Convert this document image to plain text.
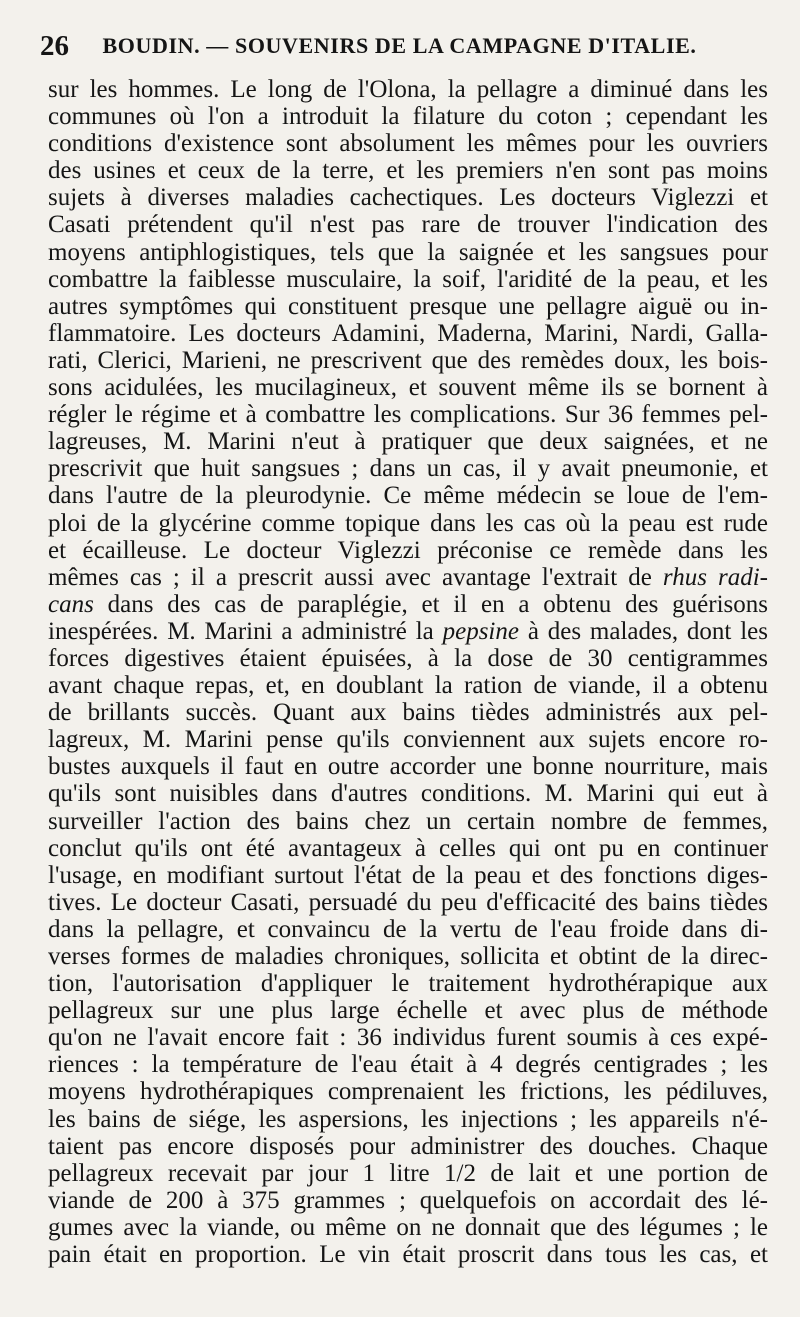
26 BOUDIN. — SOUVENIRS DE LA CAMPAGNE D'ITALIE.
sur les hommes. Le long de l'Olona, la pellagre a diminué dans les
communes où l'on a introduit la filature du coton ; cependant les
conditions d'existence sont absolument les mêmes pour les ouvriers
des usines et ceux de la terre, et les premiers n'en sont pas moins
sujets à diverses maladies cachectiques. Les docteurs Viglezzi et
Casati prétendent qu'il n'est pas rare de trouver l'indication des
moyens antiphlogistiques, tels que la saignée et les sangsues pour
combattre la faiblesse musculaire, la soif, l'aridité de la peau, et les
autres symptômes qui constituent presque une pellagre aiguë ou in-
flammatoire. Les docteurs Adamini, Maderna, Marini, Nardi, Galla-
rati, Clerici, Marieni, ne prescrivent que des remèdes doux, les bois-
sons acidulées, les mucilagineux, et souvent même ils se bornent à
régler le régime et à combattre les complications. Sur 36 femmes pel-
lagreuses, M. Marini n'eut à pratiquer que deux saignées, et ne
prescrivit que huit sangsues ; dans un cas, il y avait pneumonie, et
dans l'autre de la pleurodynie. Ce même médecin se loue de l'em-
ploi de la glycérine comme topique dans les cas où la peau est rude
et écailleuse. Le docteur Viglezzi préconise ce remède dans les
mêmes cas ; il a prescrit aussi avec avantage l'extrait de rhus radi-
cans dans des cas de paraplégie, et il en a obtenu des guérisons
inespérées. M. Marini a administré la pepsine à des malades, dont les
forces digestives étaient épuisées, à la dose de 30 centigrammes
avant chaque repas, et, en doublant la ration de viande, il a obtenu
de brillants succès. Quant aux bains tièdes administrés aux pel-
lagreux, M. Marini pense qu'ils conviennent aux sujets encore ro-
bustes auxquels il faut en outre accorder une bonne nourriture, mais
qu'ils sont nuisibles dans d'autres conditions. M. Marini qui eut à
surveiller l'action des bains chez un certain nombre de femmes,
conclut qu'ils ont été avantageux à celles qui ont pu en continuer
l'usage, en modifiant surtout l'état de la peau et des fonctions diges-
tives. Le docteur Casati, persuadé du peu d'efficacité des bains tièdes
dans la pellagre, et convaincu de la vertu de l'eau froide dans di-
verses formes de maladies chroniques, sollicita et obtint de la direc-
tion, l'autorisation d'appliquer le traitement hydrothérapique aux
pellagreux sur une plus large échelle et avec plus de méthode
qu'on ne l'avait encore fait : 36 individus furent soumis à ces expé-
riences : la température de l'eau était à 4 degrés centigrades ; les
moyens hydrothérapiques comprenaient les frictions, les pédiluves,
les bains de siége, les aspersions, les injections ; les appareils n'é-
taient pas encore disposés pour administrer des douches. Chaque
pellagreux recevait par jour 1 litre 1/2 de lait et une portion de
viande de 200 à 375 grammes ; quelquefois on accordait des lé-
gumes avec la viande, ou même on ne donnait que des légumes ; le
pain était en proportion. Le vin était proscrit dans tous les cas, et
